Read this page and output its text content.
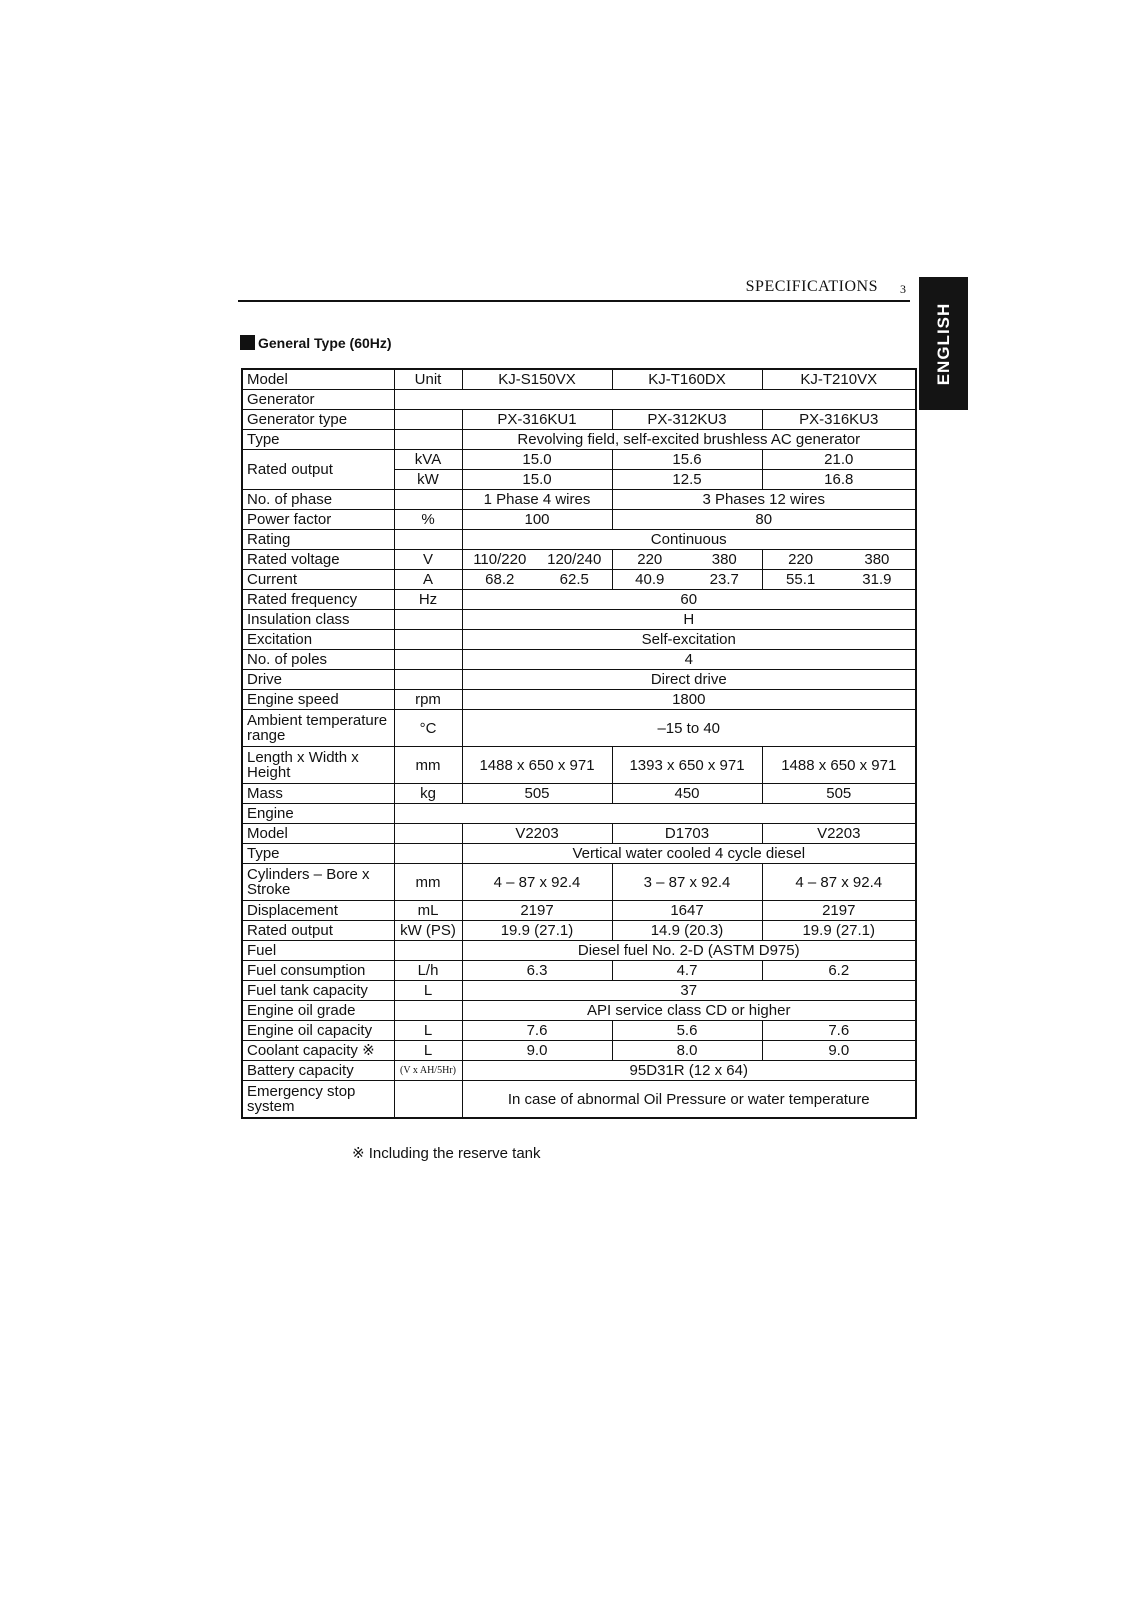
SPECIFICATIONS 3
ENGLISH
General Type (60Hz)
Model	Unit	KJ-S150VX	KJ-T160DX	KJ-T210VX
Generator				
Generator type		PX-316KU1	PX-312KU3	PX-316KU3
Type		Revolving field, self-excited brushless AC generator		
Rated output	kVA	15.0	15.6	21.0
	kW	15.0	12.5	16.8
No. of phase		1 Phase 4 wires	3 Phases 12 wires	
Power factor	%	100	80	
Rating		Continuous		
Rated voltage	V	110/220 120/240	220 380	220 380

Current	A	68.2 62.5	40.9 23.7	55.1 31.9

Rated frequency	Hz	60		
Insulation class		H		
Excitation		Self-excitation		
No. of poles		4		
Drive		Direct drive		
Engine speed	rpm	1800		
Ambient temperature range	°C	–15 to 40		
Length x Width x Height	mm	1488 x 650 x 971	1393 x 650 x 971	1488 x 650 x 971
Mass	kg	505	450	505
Engine				
Model		V2203	D1703	V2203
Type		Vertical water cooled 4 cycle diesel		
Cylinders – Bore x Stroke	mm	4 – 87 x 92.4	3 – 87 x 92.4	4 – 87 x 92.4
Displacement	mL	2197	1647	2197
Rated output	kW (PS)	19.9 (27.1)	14.9 (20.3)	19.9 (27.1)
Fuel		Diesel fuel No. 2-D (ASTM D975)		
Fuel consumption	L/h	6.3	4.7	6.2
Fuel tank capacity	L	37		
Engine oil grade		API service class CD or higher		
Engine oil capacity	L	7.6	5.6	7.6
Coolant capacity ※	L	9.0	8.0	9.0
Battery capacity	(V x AH/5Hr)	95D31R (12 x 64)		
Emergency stop system		In case of abnormal Oil Pressure or water temperature		
※ Including the reserve tank
